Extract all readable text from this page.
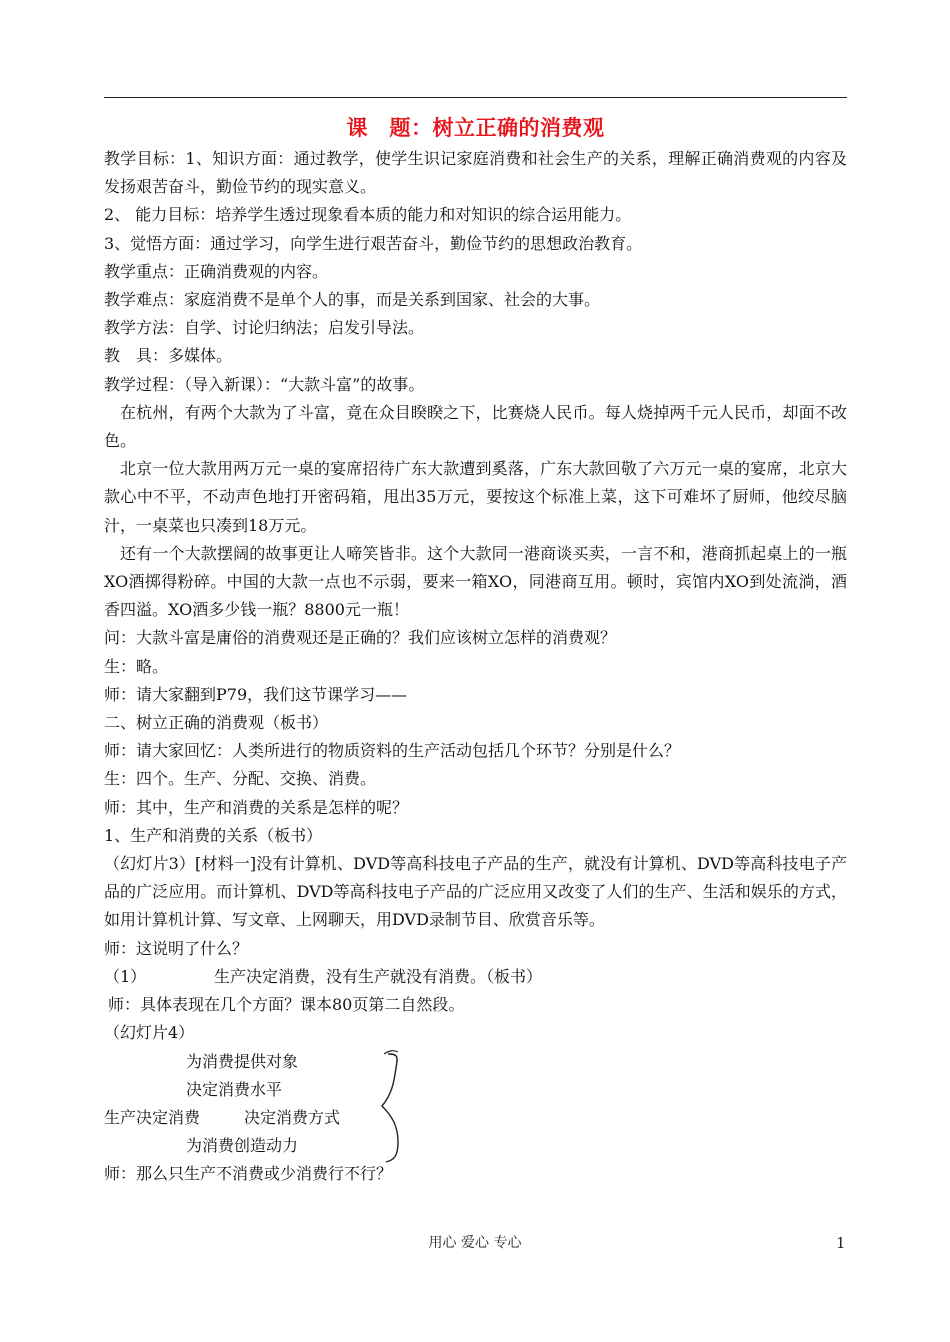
课　题：树立正确的消费观

教学目标：1、知识方面：通过教学，使学生识记家庭消费和社会生产的关系，理解正确消费观的内容及发扬艰苦奋斗，勤俭节约的现实意义。

2、 能力目标：培养学生透过现象看本质的能力和对知识的综合运用能力。

3、觉悟方面：通过学习，向学生进行艰苦奋斗，勤俭节约的思想政治教育。

教学重点：正确消费观的内容。

教学难点：家庭消费不是单个人的事，而是关系到国家、社会的大事。

教学方法：自学、讨论归纳法；启发引导法。

教　具：多媒体。

教学过程：（导入新课）：“大款斗富”的故事。

在杭州，有两个大款为了斗富，竟在众目睽睽之下，比赛烧人民币。每人烧掉两千元人民币，却面不改色。

北京一位大款用两万元一桌的宴席招待广东大款遭到奚落，广东大款回敬了六万元一桌的宴席，北京大款心中不平，不动声色地打开密码箱，甩出35万元，要按这个标准上菜，这下可难坏了厨师，他绞尽脑汁，一桌菜也只凑到18万元。

还有一个大款摆阔的故事更让人啼笑皆非。这个大款同一港商谈买卖，一言不和，港商抓起桌上的一瓶XO酒掷得粉碎。中国的大款一点也不示弱，要来一箱XO，同港商互用。顿时，宾馆内XO到处流淌，酒香四溢。XO酒多少钱一瓶？8800元一瓶！

问：大款斗富是庸俗的消费观还是正确的？我们应该树立怎样的消费观？

生：略。

师：请大家翻到P79，我们这节课学习——

二、树立正确的消费观（板书）

师：请大家回忆：人类所进行的物质资料的生产活动包括几个环节？分别是什么？

生：四个。生产、分配、交换、消费。

师：其中，生产和消费的关系是怎样的呢？

1、生产和消费的关系（板书）

（幻灯片3）[材料一]没有计算机、DVD等高科技电子产品的生产，就没有计算机、DVD等高科技电子产品的广泛应用。而计算机、DVD等高科技电子产品的广泛应用又改变了人们的生产、生活和娱乐的方式，如用计算机计算、写文章、上网聊天，用DVD录制节目、欣赏音乐等。

师：这说明了什么？

（1）	生产决定消费，没有生产就没有消费。（板书）

师：具体表现在几个方面？课本80页第二自然段。

（幻灯片4）

为消费提供对象
决定消费水平
生产决定消费	决定消费方式
为消费创造动力

师：那么只生产不消费或少消费行不行？

用心 爱心 专心	1
